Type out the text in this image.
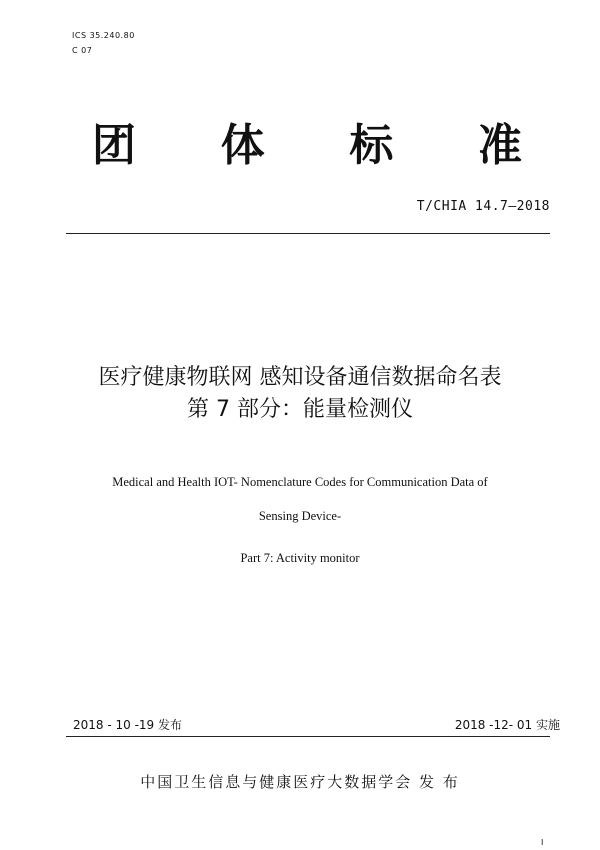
ICS 35.240.80
C 07
团 体 标 准
T/CHIA 14.7—2018
医疗健康物联网 感知设备通信数据命名表
第 7 部分：能量检测仪
Medical and Health IOT- Nomenclature Codes for Communication Data of
Sensing Device-
Part 7: Activity monitor
2018 - 10 -19 发布	2018 -12- 01 实施
中国卫生信息与健康医疗大数据学会 发 布
I
